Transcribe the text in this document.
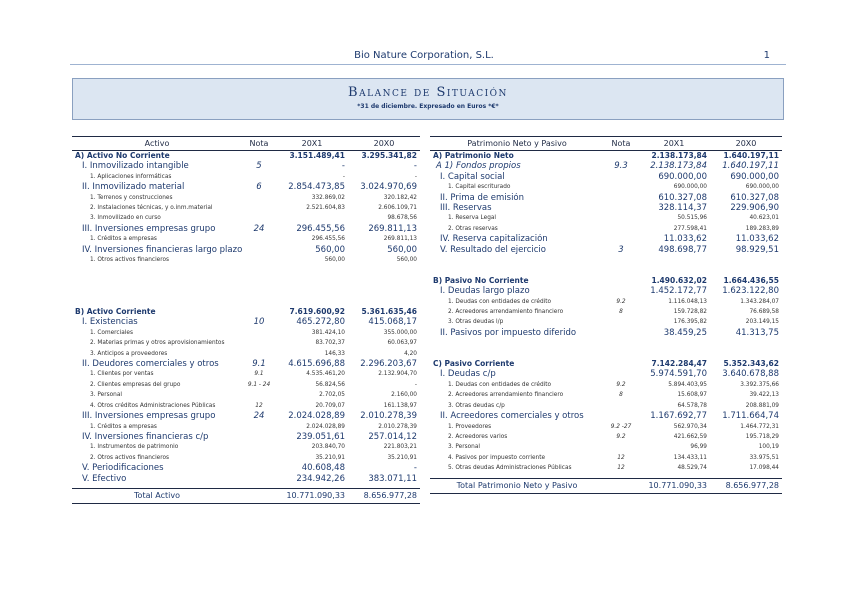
Bio Nature Corporation, S.L.	1
Balance de Situación
*31 de diciembre. Expresado en Euros *€*
Activo	Nota	20X1	20X0
A) Activo No Corriente		3.151.489,41	3.295.341,82
I. Inmovilizado intangible	5	-	-
1. Aplicaciones informáticas		-	-
II. Inmovilizado material	6	2.854.473,85	3.024.970,69
1. Terrenos y construcciones		332.869,02	320.182,42
2. Instalaciones técnicas, y o.inm.material		2.521.604,83	2.606.109,71
3. Inmovilizado en curso			98.678,56
III. Inversiones empresas grupo	24	296.455,56	269.811,13
1. Créditos a empresas		296.455,56	269.811,13
IV. Inversiones financieras largo plazo		560,00	560,00
1. Otros activos financieros		560,00	560,00

B) Activo Corriente		7.619.600,92	5.361.635,46
I. Existencias	10	465.272,80	415.068,17
1. Comerciales		381.424,10	355.000,00
2. Materias primas y otros aprovisionamientos		83.702,37	60.063,97
3. Anticipos a proveedores		146,33	4,20
II. Deudores comerciales y otros	9.1	4.615.696,88	2.296.203,67
1. Clientes por ventas	9.1	4.535.461,20	2.132.904,70
2. Clientes empresas del grupo	9.1 - 24	56.824,56	-
3. Personal		2.702,05	2.160,00
4. Otros créditos Administraciones Públicas	12	20.709,07	161.138,97
III. Inversiones empresas grupo	24	2.024.028,89	2.010.278,39
1. Créditos a empresas		2.024.028,89	2.010.278,39
IV. Inversiones financieras c/p		239.051,61	257.014,12
1. Instrumentos de patrimonio		203.840,70	221.803,21
2. Otros activos financieros		35.210,91	35.210,91
V. Periodificaciones		40.608,48	-
V. Efectivo		234.942,26	383.071,11

Total Activo		10.771.090,33	8.656.977,28
Patrimonio Neto y Pasivo	Nota	20X1	20X0
A) Patrimonio Neto		2.138.173,84	1.640.197,11
A 1) Fondos propios	9.3	2.138.173,84	1.640.197,11
I. Capital social		690.000,00	690.000,00
1. Capital escriturado		690.000,00	690.000,00
II. Prima de emisión		610.327,08	610.327,08
III. Reservas		328.114,37	229.906,90
1. Reserva Legal		50.515,96	40.623,01
2. Otras reservas		277.598,41	189.283,89
IV. Reserva capitalización		11.033,62	11.033,62
V. Resultado del ejercicio	3	498.698,77	98.929,51

B) Pasivo No Corriente		1.490.632,02	1.664.436,55
I. Deudas largo plazo		1.452.172,77	1.623.122,80
1. Deudas con entidades de crédito	9.2	1.116.048,13	1.343.284,07
2. Acreedores arrendamiento financiero	8	159.728,82	76.689,58
3. Otras deudas l/p		176.395,82	203.149,15
II. Pasivos por impuesto diferido		38.459,25	41.313,75

C) Pasivo Corriente		7.142.284,47	5.352.343,62
I. Deudas c/p		5.974.591,70	3.640.678,88
1. Deudas con entidades de crédito	9.2	5.894.403,95	3.392.375,66
2. Acreedores arrendamiento financiero	8	15.608,97	39.422,13
3. Otras deudas c/p		64.578,78	208.881,09
II. Acreedores comerciales y otros		1.167.692,77	1.711.664,74
1. Proveedores	9.2 -27	562.970,34	1.464.772,31
2. Acreedores varios	9.2	421.662,59	195.718,29
3. Personal		96,99	100,19
4. Pasivos por impuesto corriente	12	134.433,11	33.975,51
5. Otras deudas Administraciones Públicas	12	48.529,74	17.098,44

Total Patrimonio Neto y Pasivo		10.771.090,33	8.656.977,28
